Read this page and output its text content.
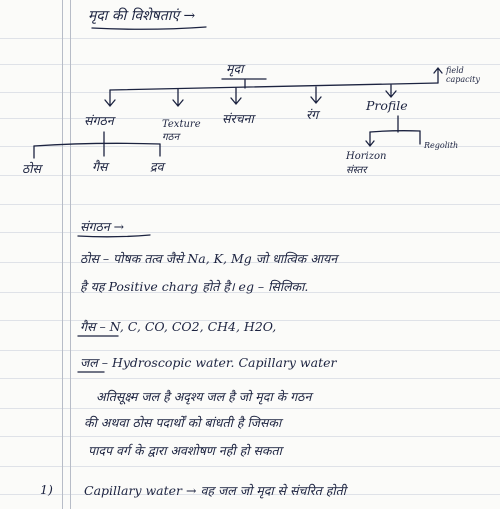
मृदा की विशेषताएं →
मृदा
संगठन	Texture गठन
संरचना	रंग
Profile
field capacity
ठोस	द्रव
गैस
Horizon संस्तर
Regolith
संगठन →
ठोस – पोषक तत्व जैसे Na, K, Mg जो धात्विक आयन
है यह Positive charg होते है। eg – सिलिका.
गैस – N, C, CO, CO2, CH4, H2O,
जल – Hydroscopic water. Capillary water
अतिसूक्ष्म जल है अदृश्य जल है जो मृदा के गठन
की अथवा ठोस पदार्थों को बांधती है जिसका
पादप वर्ग के द्वारा अवशोषण नही हो सकता
1) Capillary water → वह जल जो मृदा से संचरित होती
